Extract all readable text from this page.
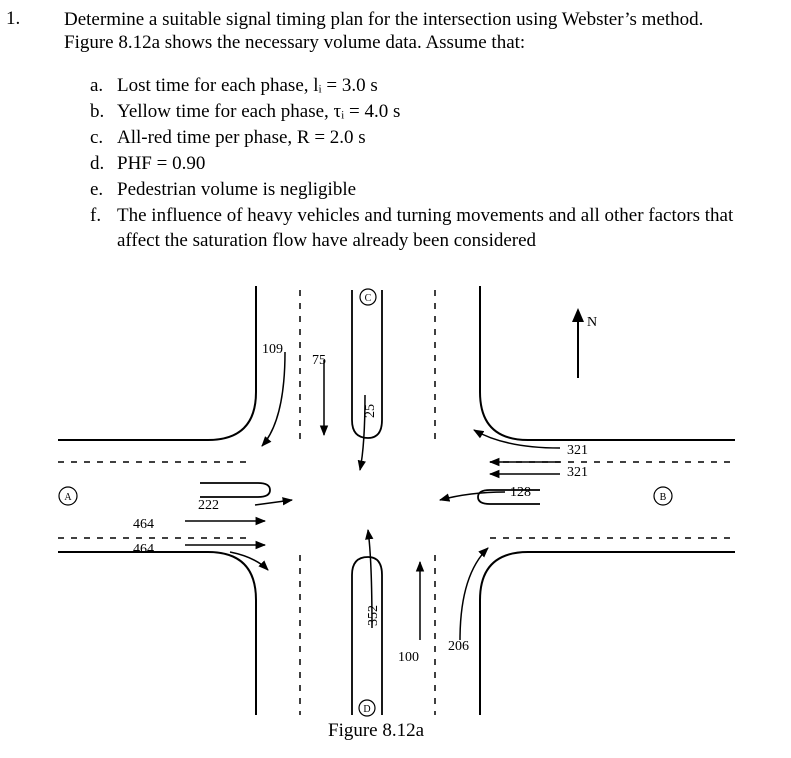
1. Determine a suitable signal timing plan for the intersection using Webster’s method.
Figure 8.12a shows the necessary volume data. Assume that:
a. Lost time for each phase, lᵢ = 3.0 s
b. Yellow time for each phase, τᵢ = 4.0 s
c. All-red time per phase, R = 2.0 s
d. PHF = 0.90
e. Pedestrian volume is negligible
f. The influence of heavy vehicles and turning movements and all other factors that affect the saturation flow have already been considered
N
A	B
C
D
109
75
25
321
321
128
222
464
464
352
100
206
Figure 8.12a
